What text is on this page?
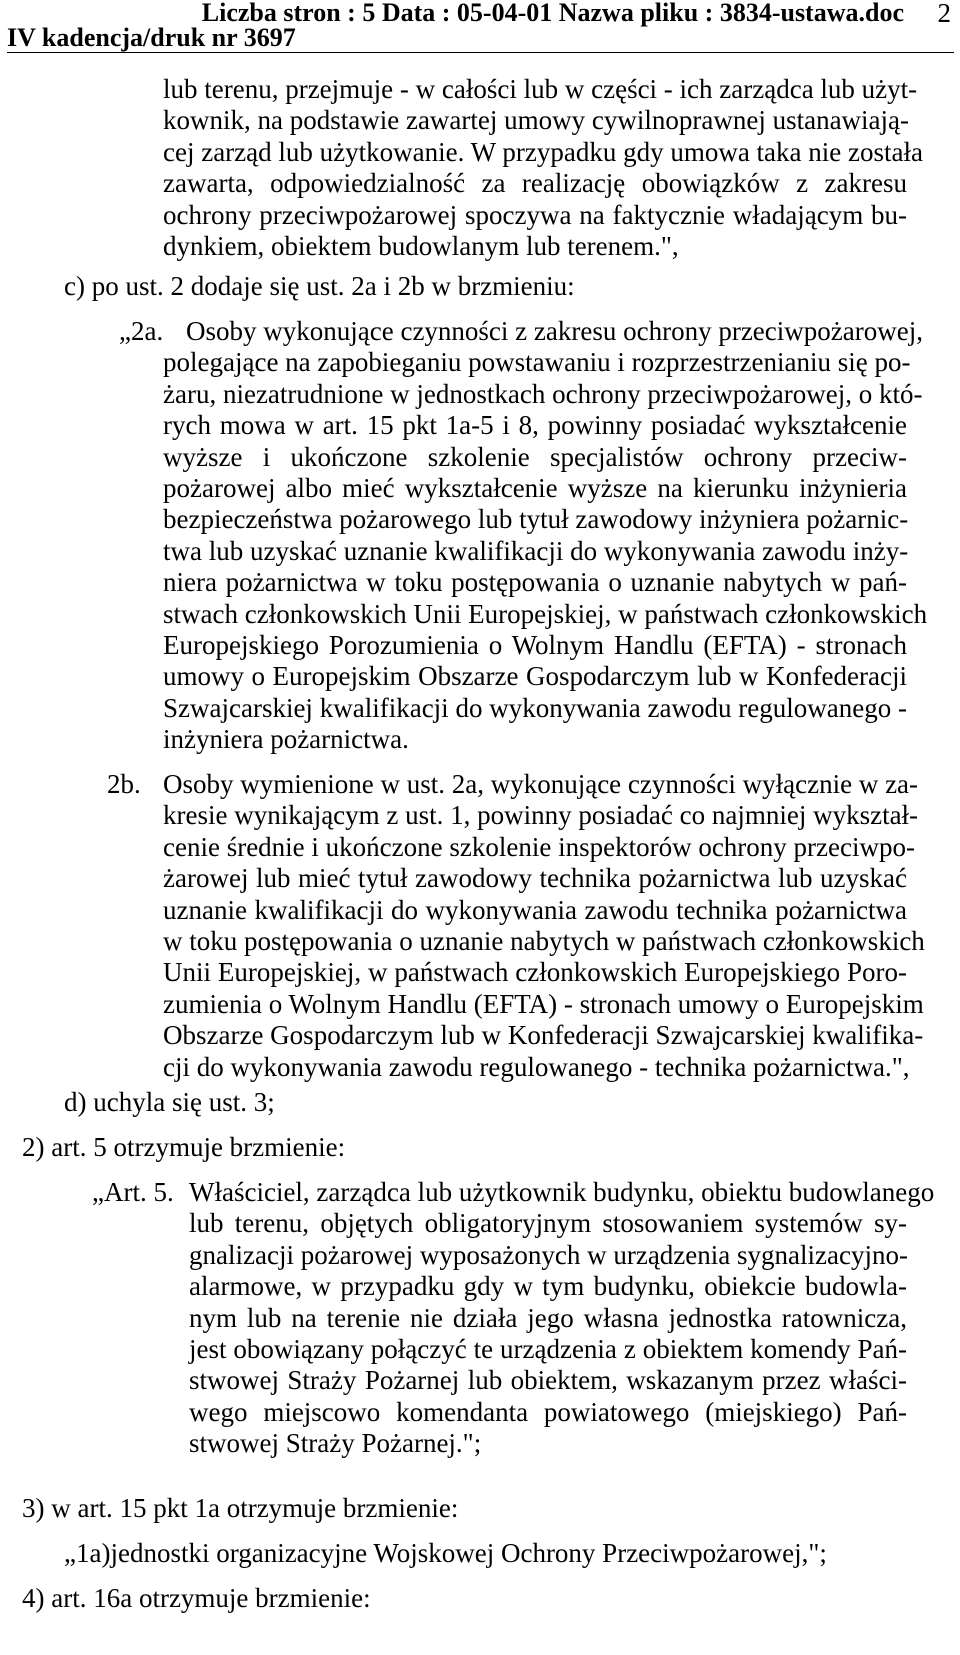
Liczba stron : 5 Data : 05-04-01 Nazwa pliku : 3834-ustawa.doc
IV kadencja/druk nr 3697
2
lub terenu, przejmuje - w całości lub w części - ich zarządca lub użyt-
kownik, na podstawie zawartej umowy cywilnoprawnej ustanawiają-
cej zarząd lub użytkowanie. W przypadku gdy umowa taka nie została
zawarta, odpowiedzialność za realizację obowiązków z zakresu
ochrony przeciwpożarowej spoczywa na faktycznie władającym bu-
dynkiem, obiektem budowlanym lub terenem.",
c) po ust. 2 dodaje się ust. 2a i 2b w brzmieniu:
„2a. Osoby wykonujące czynności z zakresu ochrony przeciwpożarowej,
polegające na zapobieganiu powstawaniu i rozprzestrzenianiu się po-
żaru, niezatrudnione w jednostkach ochrony przeciwpożarowej, o któ-
rych mowa w art. 15 pkt 1a-5 i 8, powinny posiadać wykształcenie
wyższe i ukończone szkolenie specjalistów ochrony przeciw-
pożarowej albo mieć wykształcenie wyższe na kierunku inżynieria
bezpieczeństwa pożarowego lub tytuł zawodowy inżyniera pożarnic-
twa lub uzyskać uznanie kwalifikacji do wykonywania zawodu inży-
niera pożarnictwa w toku postępowania o uznanie nabytych w pań-
stwach członkowskich Unii Europejskiej, w państwach członkowskich
Europejskiego Porozumienia o Wolnym Handlu (EFTA) - stronach
umowy o Europejskim Obszarze Gospodarczym lub w Konfederacji
Szwajcarskiej kwalifikacji do wykonywania zawodu regulowanego -
inżyniera pożarnictwa.
2b. Osoby wymienione w ust. 2a, wykonujące czynności wyłącznie w za-
kresie wynikającym z ust. 1, powinny posiadać co najmniej wykształ-
cenie średnie i ukończone szkolenie inspektorów ochrony przeciwpo-
żarowej lub mieć tytuł zawodowy technika pożarnictwa lub uzyskać
uznanie kwalifikacji do wykonywania zawodu technika pożarnictwa
w toku postępowania o uznanie nabytych w państwach członkowskich
Unii Europejskiej, w państwach członkowskich Europejskiego Poro-
zumienia o Wolnym Handlu (EFTA) - stronach umowy o Europejskim
Obszarze Gospodarczym lub w Konfederacji Szwajcarskiej kwalifika-
cji do wykonywania zawodu regulowanego - technika pożarnictwa.",
d) uchyla się ust. 3;
2) art. 5 otrzymuje brzmienie:
„Art. 5. Właściciel, zarządca lub użytkownik budynku, obiektu budowlanego
lub terenu, objętych obligatoryjnym stosowaniem systemów sy-
gnalizacji pożarowej wyposażonych w urządzenia sygnalizacyjno-
alarmowe, w przypadku gdy w tym budynku, obiekcie budowla-
nym lub na terenie nie działa jego własna jednostka ratownicza,
jest obowiązany połączyć te urządzenia z obiektem komendy Pań-
stwowej Straży Pożarnej lub obiektem, wskazanym przez właści-
wego miejscowo komendanta powiatowego (miejskiego) Pań-
stwowej Straży Pożarnej.";
3) w art. 15 pkt 1a otrzymuje brzmienie:
„1a)jednostki organizacyjne Wojskowej Ochrony Przeciwpożarowej,";
4) art. 16a otrzymuje brzmienie:
